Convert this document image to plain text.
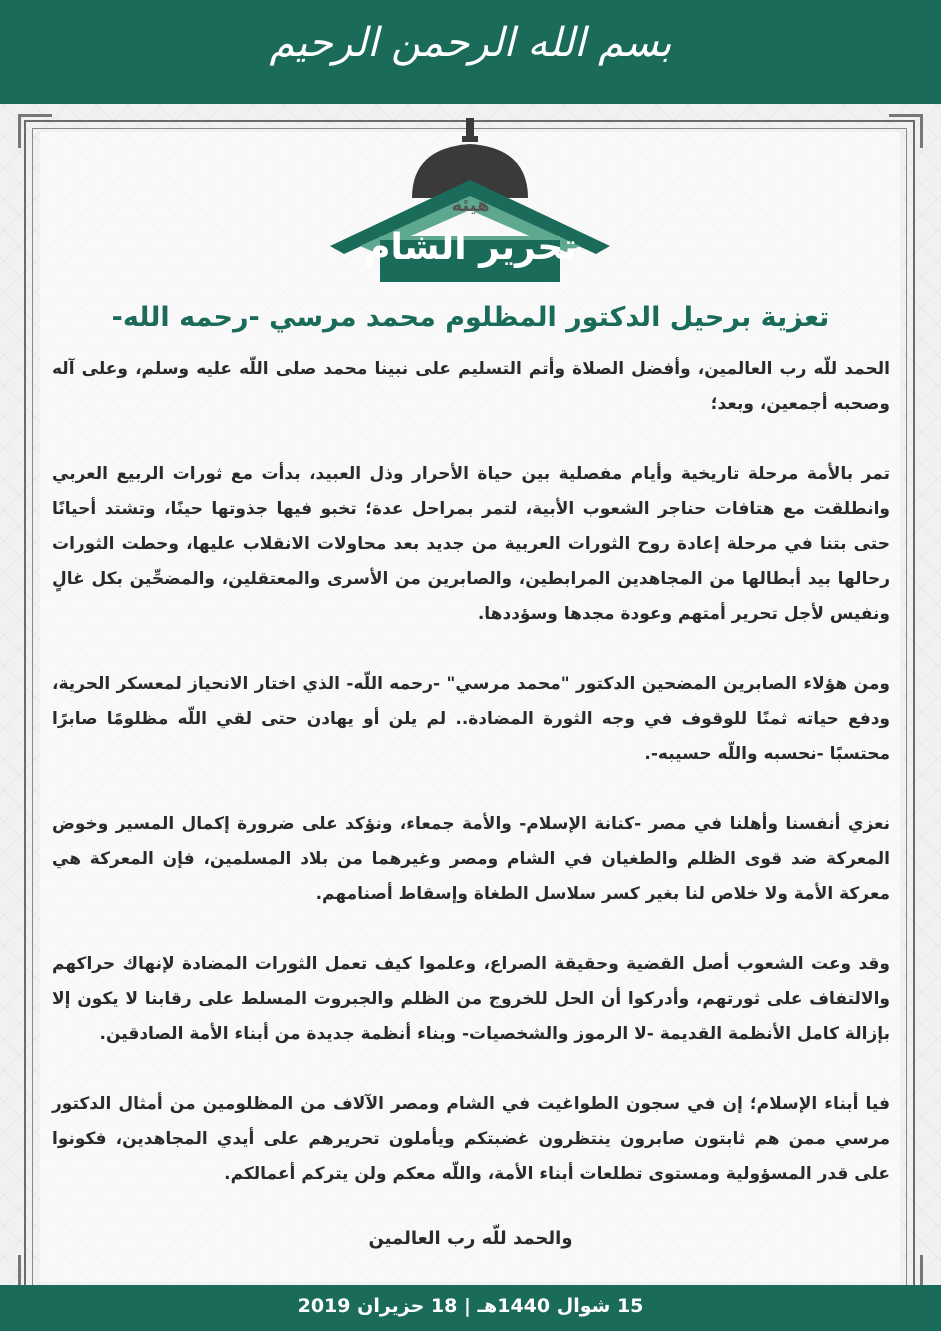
بسم الله الرحمن الرحيم
هيئة
تحرير الشام
تعزية برحيل الدكتور المظلوم محمد مرسي -رحمه الله-

الحمد للّه رب العالمين، وأفضل الصلاة وأتم التسليم على نبينا محمد صلى اللّه عليه وسلم، وعلى آله وصحبه أجمعين، وبعد؛

تمر بالأمة مرحلة تاريخية وأيام مفصلية بين حياة الأحرار وذل العبيد، بدأت مع ثورات الربيع العربي وانطلقت مع هتافات حناجر الشعوب الأبية، لتمر بمراحل عدة؛ تخبو فيها جذوتها حينًا، وتشتد أحيانًا حتى بتنا في مرحلة إعادة روح الثورات العربية من جديد بعد محاولات الانقلاب عليها، وحطت الثورات رحالها بيد أبطالها من المجاهدين المرابطين، والصابرين من الأسرى والمعتقلين، والمضحِّين بكل غالٍ ونفيس لأجل تحرير أمتهم وعودة مجدها وسؤددها.

ومن هؤلاء الصابرين المضحين الدكتور "محمد مرسي" -رحمه اللّه- الذي اختار الانحياز لمعسكر الحرية، ودفع حياته ثمنًا للوقوف في وجه الثورة المضادة.. لم يلن أو يهادن حتى لقي اللّه مظلومًا صابرًا محتسبًا -نحسبه واللّه حسيبه-.

نعزي أنفسنا وأهلنا في مصر -كنانة الإسلام- والأمة جمعاء، ونؤكد على ضرورة إكمال المسير وخوض المعركة ضد قوى الظلم والطغيان في الشام ومصر وغيرهما من بلاد المسلمين، فإن المعركة هي معركة الأمة ولا خلاص لنا بغير كسر سلاسل الطغاة وإسقاط أصنامهم.

وقد وعت الشعوب أصل القضية وحقيقة الصراع، وعلموا كيف تعمل الثورات المضادة لإنهاك حراكهم والالتفاف على ثورتهم، وأدركوا أن الحل للخروج من الظلم والجبروت المسلط على رقابنا لا يكون إلا بإزالة كامل الأنظمة القديمة -لا الرموز والشخصيات- وبناء أنظمة جديدة من أبناء الأمة الصادقين.

فيا أبناء الإسلام؛ إن في سجون الطواغيت في الشام ومصر الآلاف من المظلومين من أمثال الدكتور مرسي ممن هم ثابتون صابرون ينتظرون غضبتكم ويأملون تحريرهم على أيدي المجاهدين، فكونوا على قدر المسؤولية ومستوى تطلعات أبناء الأمة، واللّه معكم ولن يتركم أعمالكم.

والحمد للّه رب العالمين
15 شوال 1440هـ | 18 حزيران 2019
